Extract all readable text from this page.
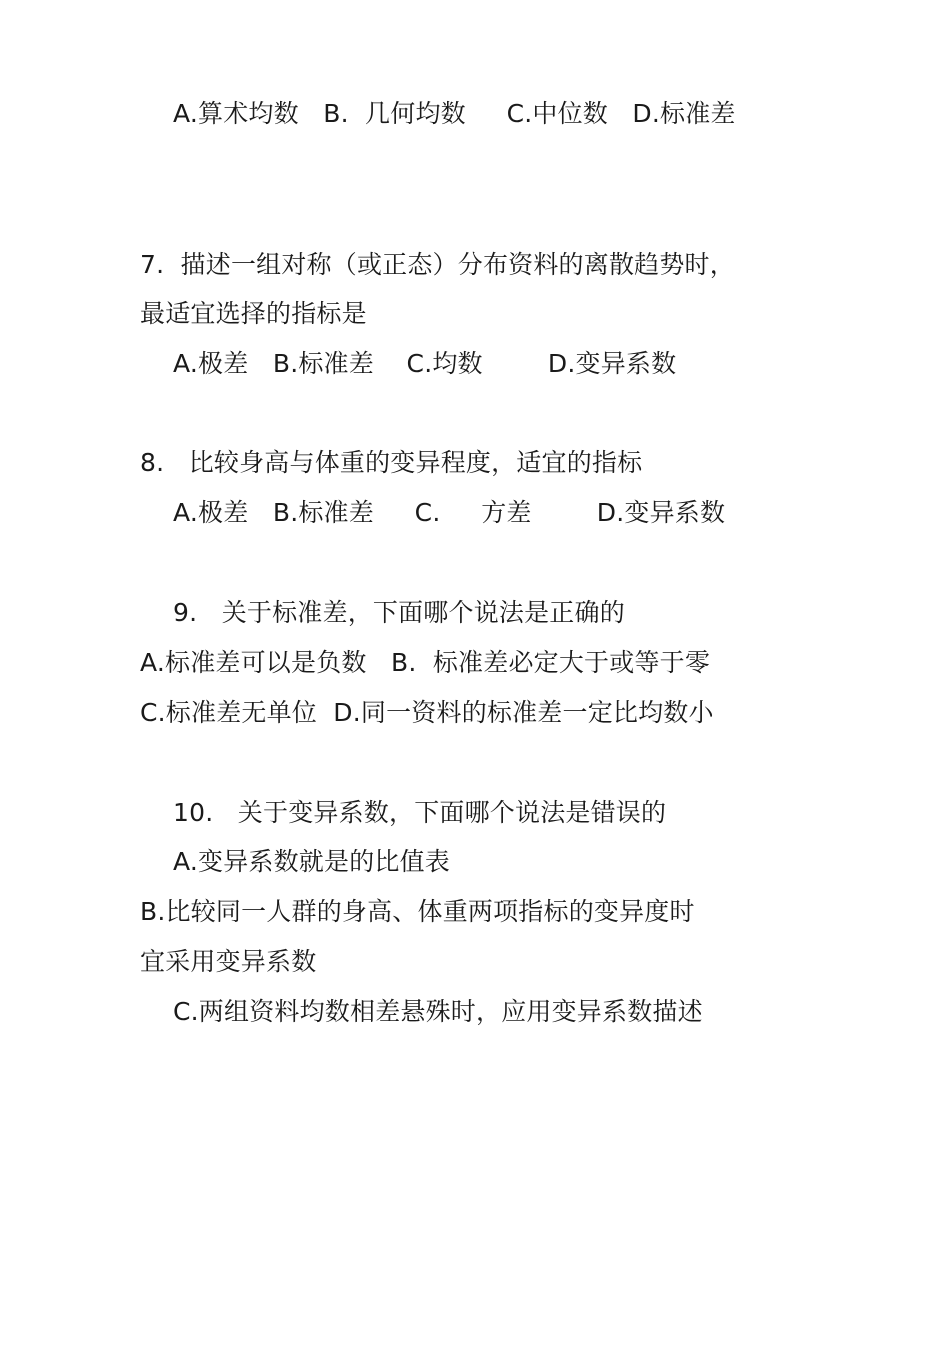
A.算术均数   B.  几何均数     C.中位数   D.标准差
7.  描述一组对称（或正态）分布资料的离散趋势时，
最适宜选择的指标是
A.极差   B.标准差    C.均数        D.变异系数
8.   比较身高与体重的变异程度，适宜的指标
A.极差   B.标准差     C.     方差        D.变异系数
9.   关于标准差，下面哪个说法是正确的
A.标准差可以是负数   B.  标准差必定大于或等于零
C.标准差无单位  D.同一资料的标准差一定比均数小
10.   关于变异系数，下面哪个说法是错误的
A.变异系数就是的比值表
B.比较同一人群的身高、体重两项指标的变异度时
宜采用变异系数
C.两组资料均数相差悬殊时，应用变异系数描述
